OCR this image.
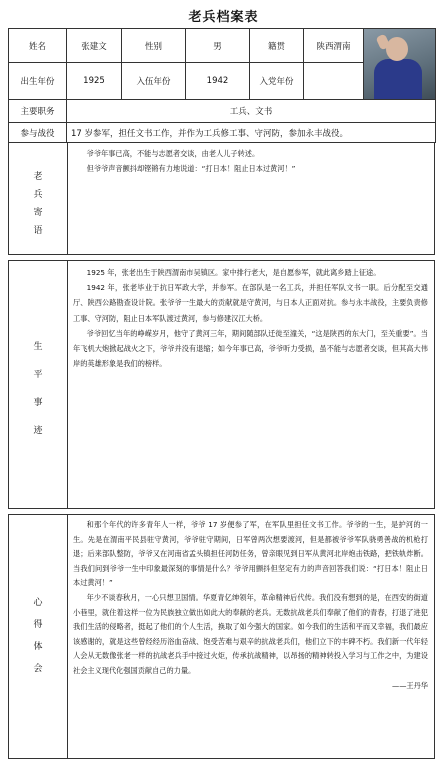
老兵档案表
姓名	张建文	性别	男	籍贯	陕西渭南	

出生年份	1925	入伍年份	1942	入党年份		
主要职务	工兵、文书					
参与战役	17 岁参军，担任文书工作，并作为工兵修工事、守河防，参加永丰战役。					
老
兵
寄
语

爷爷年事已高，不能与志愿者交谈，由老人儿子转述。

但爷爷声音颤抖却铿锵有力地说道：“打日本！阻止日本过黄河！”

生
平
事
迹

1925 年，张老出生于陕西渭南市吴镇区。家中排行老大，是自愿参军，就此离乡踏上征途。

1942 年，张老毕业于抗日军政大学，并参军。在部队是一名工兵，并担任军队文书一职。后分配至交通厅、陕西公路勘查设计院。张爷爷一生最大的贡献就是守黄河，与日本人正面对抗。参与永丰战役，主要负责修工事、守河防，阻止日本军队渡过黄河，参与修建汉江大桥。

爷爷回忆当年的峥嵘岁月，他守了黄河三年，期间随部队迁徙至潼关，“这是陕西的东大门，至关重要”。当年飞机大炮掀起战火之下，爷爷并没有退缩；如今年事已高，爷爷听力受损，虽不能与志愿者交谈，但其高大伟岸的英雄形象是我们的榜样。

心
得
体
会

和那个年代的许多青年人一样，爷爷 17 岁便参了军，在军队里担任文书工作。爷爷的一生，是护河的一生。先是在渭南平民县驻守黄河，爷爷驻守期间，日军曾两次想要渡河，但是都被爷爷军队骁勇善战的机枪打退；后来部队整防，爷爷又在河南省孟头镇担任河防任务，曾亲眼见到日军从黄河北岸炮击铁路，把铁轨炸断。当我们问到爷爷一生中印象最深刻的事情是什么？爷爷用颤抖但坚定有力的声音回答我们说：“打日本！阻止日本过黄河！”

年少不谈春秋月，一心只想卫国情。华夏青亿绅领年，革命精神后代传。我们没有想到的是，在西安的街道小巷里，就住着这样一位为民族独立做出如此大的奉献的老兵。无数抗战老兵们奉献了他们的青春，打退了进犯我们生活的侵略者，挺起了他们的个人生活，换取了如今强大的国家。如今我们的生活和平而又幸福，我们最应该感谢的，就是这些曾经经历浴血奋战、饱受苦难与艰辛的抗战老兵们，他们立下的丰碑不朽。我们新一代年轻人会从无数像张老一样的抗战老兵手中接过火炬，传承抗战精神，以昂扬的精神转投入学习与工作之中，为建设社会主义现代化强国贡献自己的力量。

——王丹华
